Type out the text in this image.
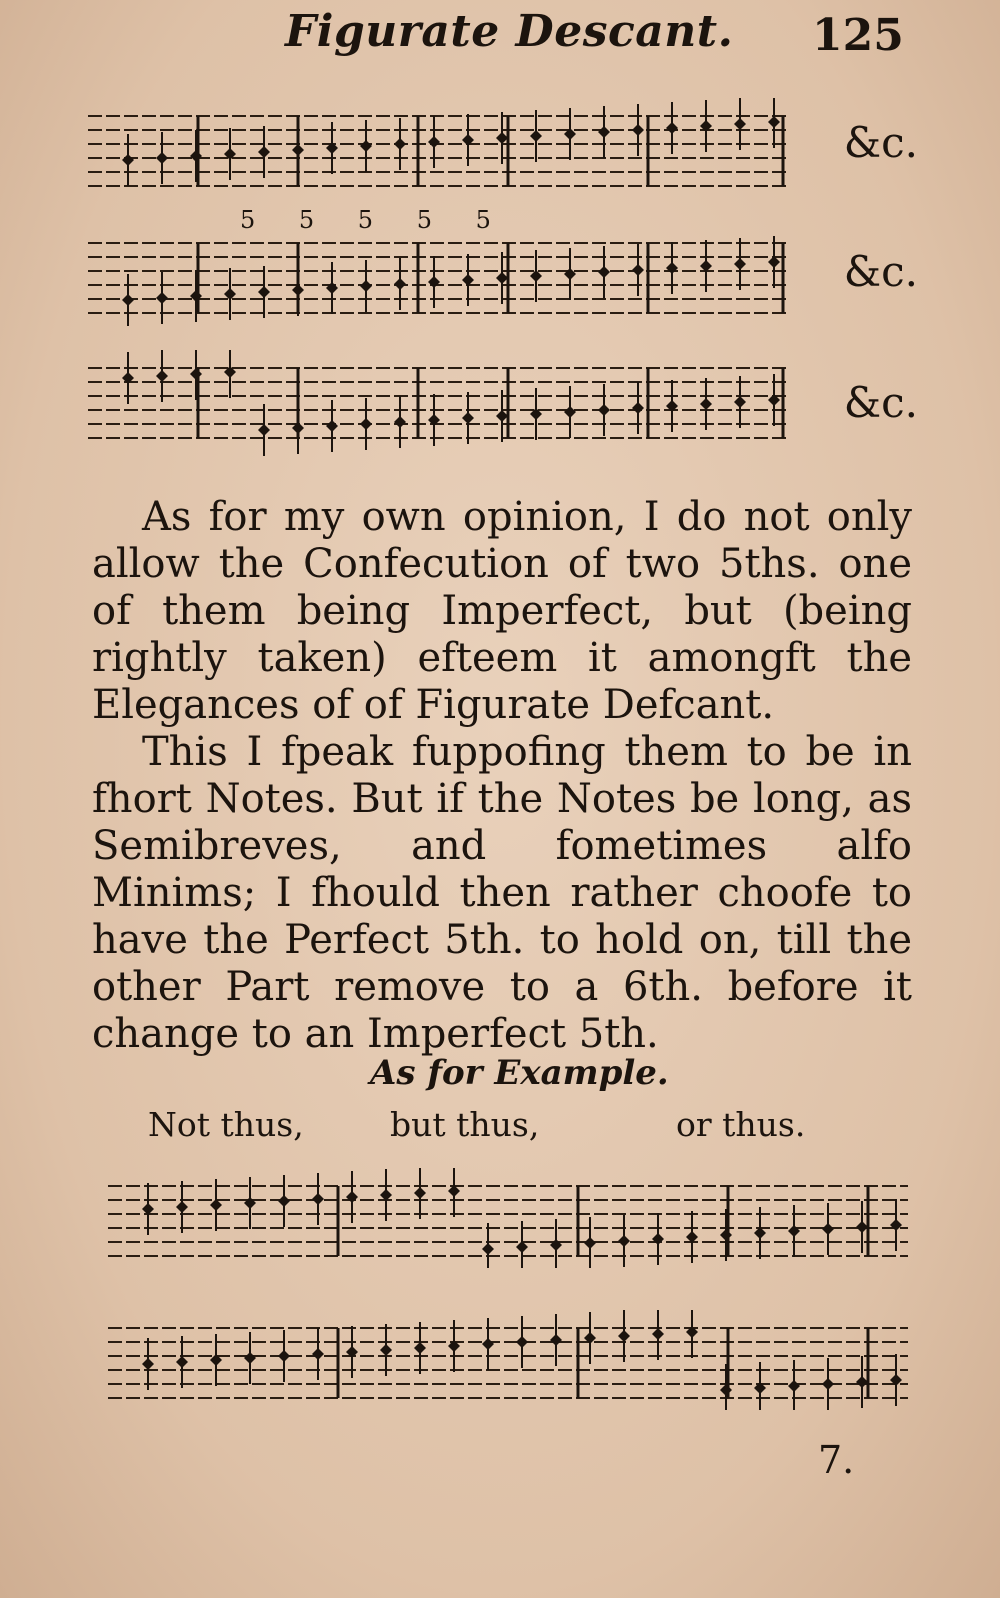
Figurate Descant. 125
&c.
5 5 5 5 5
&c.
&c.

As for my own opinion, I do not only allow the Confecution of two 5ths. one of them being Imperfect, but (being rightly taken) efteem it amongft the Elegances of of Figurate Defcant.

This I fpeak fuppofing them to be in fhort Notes. But if the Notes be long, as Semibreves, and fometimes alfo Minims; I fhould then rather choofe to have the Perfect 5th. to hold on, till the other Part remove to a 6th. before it change to an Imperfect 5th.

As for Example.
Not thus,	but thus,	or thus.
7.
